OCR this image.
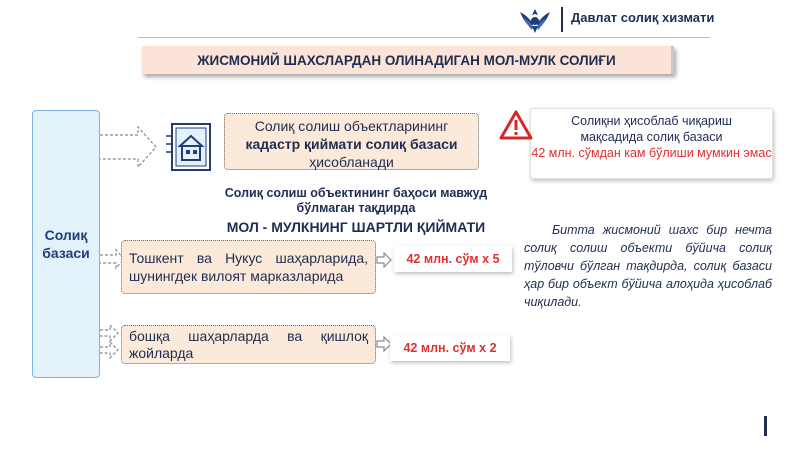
Давлат солиқ хизмати
ЖИСМОНИЙ ШАХСЛАРДАН ОЛИНАДИГАН МОЛ-МУЛК СОЛИҒИ
Солиқ
базаси
Солиқ солиш объектларининг
кадастр қиймати солиқ базаси
ҳисобланади
Солиқни ҳисоблаб чиқариш
мақсадида солиқ базаси
42 млн. сўмдан кам бўлиши мумкин эмас
Солиқ солиш объектининг баҳоси мавжуд
бўлмаган тақдирда
МОЛ - МУЛКНИНГ ШАРТЛИ ҚИЙМАТИ
Тошкент ва Нукус шаҳарларида, шунингдек вилоят марказларида
42 млн. сўм х 5
бошқа шаҳарларда ва қишлоқ
жойларда	42 млн. сўм х 2
Битта жисмоний шахс бир нечта солиқ солиш объекти бўйича солиқ тўловчи бўлган тақдирда, солиқ базаси ҳар бир объект бўйича алоҳида ҳисоблаб чиқилади.
